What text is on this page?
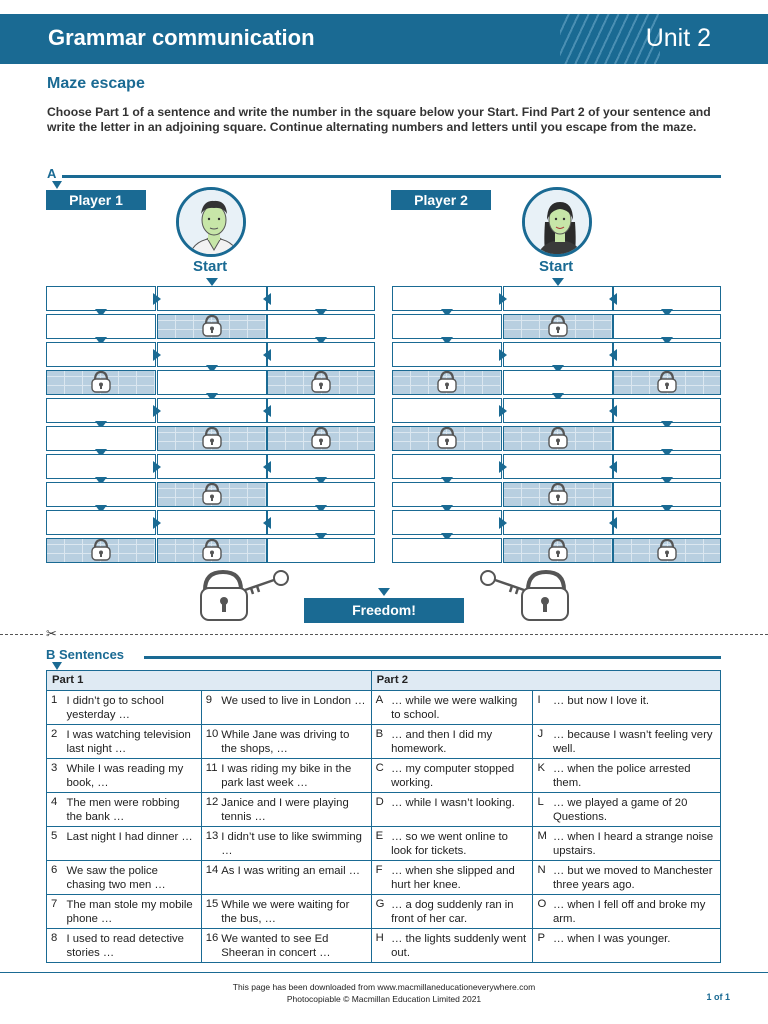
Grammar communication	Unit 2
Maze escape
Choose Part 1 of a sentence and write the number in the square below your Start. Find Part 2 of your sentence and write the letter in an adjoining square. Continue alternating numbers and letters until you escape from the maze.
A
Player 1	Player 2
Start	Start
Freedom!
✂
B Sentences
Part 1				Part 2			
1	I didn’t go to school yesterday …	9	We used to live in London …	A	… while we were walking to school.	I	… but now I love it.
2	I was watching television last night …	10	While Jane was driving to the shops, …	B	… and then I did my homework.	J	… because I wasn’t feeling very well.
3	While I was reading my book, …	11	I was riding my bike in the park last week …	C	… my computer stopped working.	K	… when the police arrested them.
4	The men were robbing the bank …	12	Janice and I were playing tennis …	D	… while I wasn’t looking.	L	… we played a game of 20 Questions.
5	Last night I had dinner …	13	I didn’t use to like swimming …	E	… so we went online to look for tickets.	M	… when I heard a strange noise upstairs.
6	We saw the police chasing two men …	14	As I was writing an email …	F	… when she slipped and hurt her knee.	N	… but we moved to Manchester three years ago.
7	The man stole my mobile phone …	15	While we were waiting for the bus, …	G	… a dog suddenly ran in front of her car.	O	… when I fell off and broke my arm.
8	I used to read detective stories …	16	We wanted to see Ed Sheeran in concert …	H	… the lights suddenly went out.	P	… when I was younger.
This page has been downloaded from www.macmillaneducationeverywhere.com
Photocopiable © Macmillan Education Limited 2021	1 of 1
